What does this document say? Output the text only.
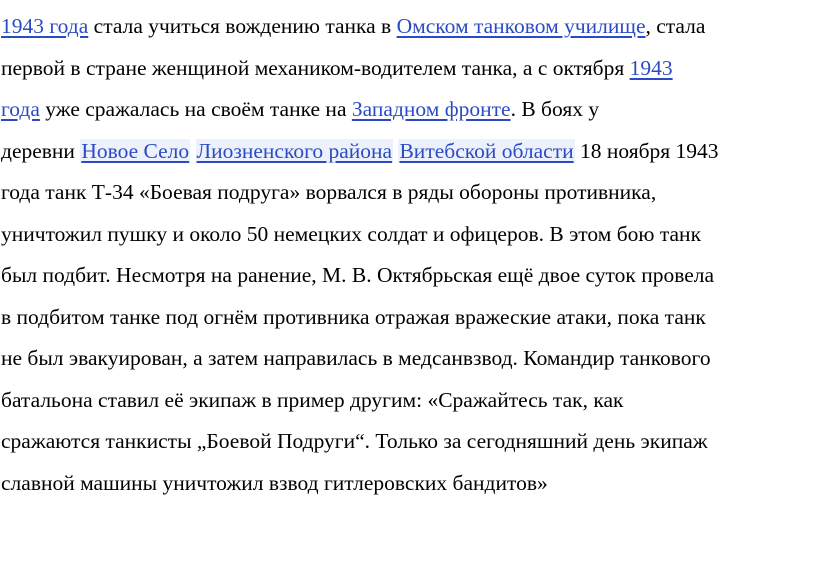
1943 года стала учиться вождению танка в Омском танковом училище, стала
первой в стране женщиной механиком-водителем танка, а с октября 1943
года уже сражалась на своём танке на Западном фронте. В боях у
деревни Новое Село Лиозненского района Витебской области 18 ноября 1943
года танк Т-34 «Боевая подруга» ворвался в ряды обороны противника,
уничтожил пушку и около 50 немецких солдат и офицеров. В этом бою танк
был подбит. Несмотря на ранение, М. В. Октябрьская ещё двое суток провела
в подбитом танке под огнём противника отражая вражеские атаки, пока танк
не был эвакуирован, а затем направилась в медсанвзвод. Командир танкового
батальона ставил её экипаж в пример другим: «Сражайтесь так, как
сражаются танкисты „Боевой Подруги“. Только за сегодняшний день экипаж
славной машины уничтожил взвод гитлеровских бандитов»
